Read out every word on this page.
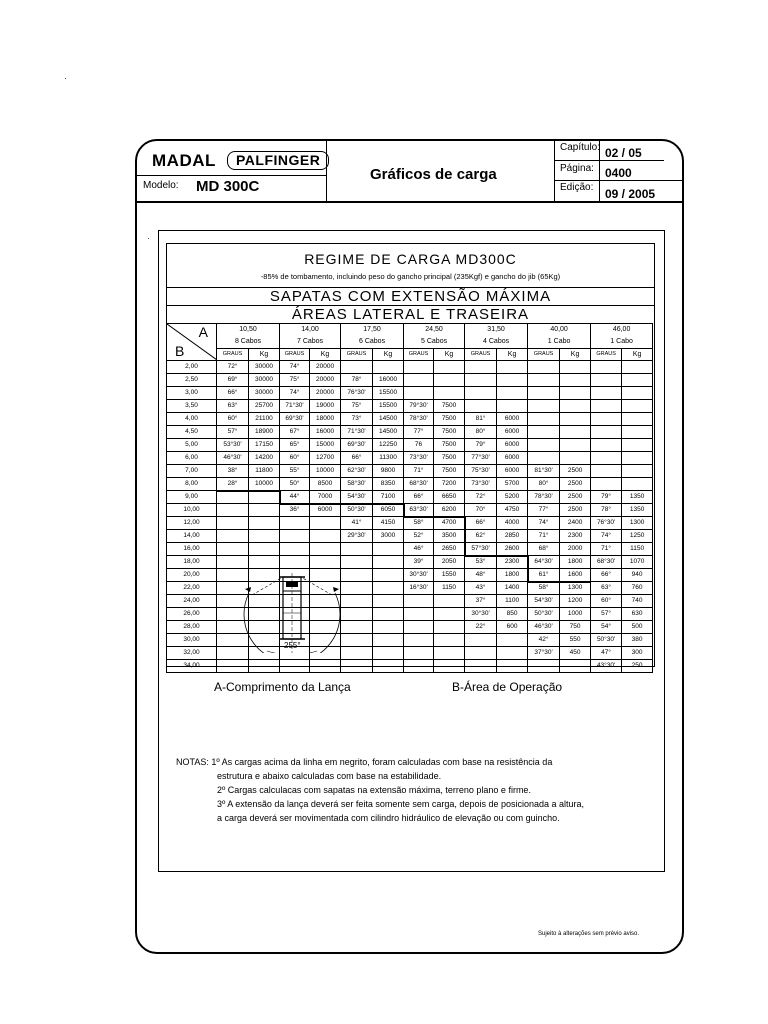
MADAL	PALFINGER
Modelo: MD 300C
Gráficos de carga
Capítulo: 02 / 05
Página: 0400
Edição: 09 / 2005
REGIME DE CARGA MD300C
-85% de tombamento, incluindo peso do gancho principal (235Kgf) e gancho do jib (65Kg)
SAPATAS COM EXTENSÃO MÁXIMA
ÁREAS LATERAL E TRASEIRA
A
B	10,50
8 Cabos		14,00
7 Cabos		17,50
6 Cabos		24,50
5 Cabos		31,50
4 Cabos		40,00
1 Cabo		46,00
1 Cabo	

	GRAUS	Kg	GRAUS	Kg	GRAUS	Kg	GRAUS	Kg	GRAUS	Kg	GRAUS	Kg	GRAUS	Kg
2,00	72°	30000	74°	20000										
2,50	69°	30000	75°	20000	78°	16000								
3,00	66°	30000	74°	20000	76°30'	15500								
3,50	63°	25700	71°30'	19000	75°	15500	79°30'	7500						
4,00	60°	21100	69°30'	18000	73°	14500	78°30'	7500	81°	6000				
4,50	57°	18900	67°	16000	71°30'	14500	77°	7500	80°	6000				
5,00	53°30'	17150	65°	15000	69°30'	12250	76	7500	79°	6000				
6,00	46°30'	14200	60°	12700	66°	11300	73°30'	7500	77°30'	6000				
7,00	38°	11800	55°	10000	62°30'	9800	71°	7500	75°30'	6000	81°30'	2500		
8,00	28°	10000	50°	8500	58°30'	8350	68°30'	7200	73°30'	5700	80°	2500		
9,00			44°	7000	54°30'	7100	66°	6650	72°	5200	78°30'	2500	79°	1350
10,00			36°	6000	50°30'	6050	63°30'	6200	70°	4750	77°	2500	78°	1350
12,00					41°	4150	58°	4700	66°	4000	74°	2400	76°30'	1300
14,00					29°30'	3000	52°	3500	62°	2850	71°	2300	74°	1250
16,00							46°	2650	57°30'	2600	68°	2000	71°	1150
18,00							39°	2050	53°	2300	64°30'	1800	68°30'	1070
20,00							30°30'	1550	48°	1800	61°	1600	66°	940
22,00							16°30'	1150	43°	1400	58°	1300	63°	760
24,00									37°	1100	54°30'	1200	60°	740
26,00									30°30'	850	50°30'	1000	57°	630
28,00									22°	600	46°30'	750	54°	500
30,00											42°	550	50°30'	380
32,00											37°30'	450	47°	300
34,00													43°30'	250
255°
A-Comprimento da Lança	B-Área de Operação
NOTAS: 1º As cargas acima da linha em negrito, foram calculadas com base na resistência da
estrutura e abaixo calculadas com base na estabilidade.
2º Cargas calculacas com sapatas na extensão máxima, terreno plano e firme.
3º A extensão da lança deverá ser feita somente sem carga, depois de posicionada a altura,
a carga deverá ser movimentada com cilindro hidráulico de elevação ou com guincho.
Sujeito à alterações sem prévio aviso.
